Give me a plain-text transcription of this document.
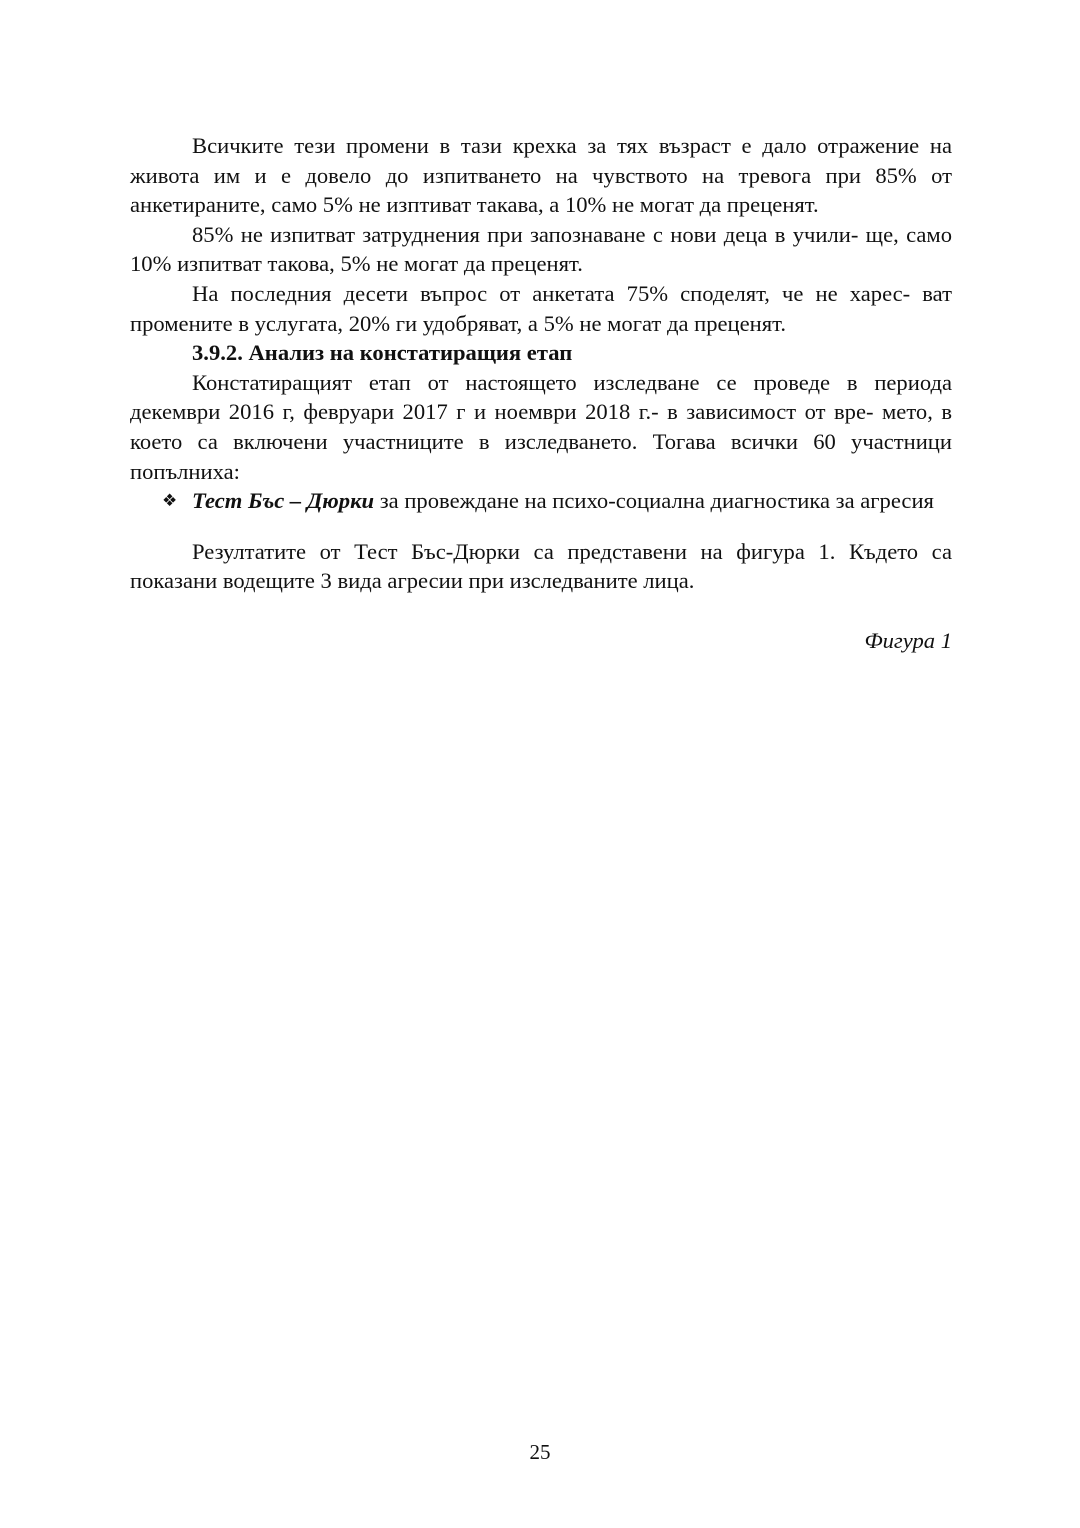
Всичките тези промени в тази крехка за тях възраст е дало отражение на живота им и е довело до изпитването на чувството на тревога при 85% от анкетираните, само 5% не изптиват такава, а 10% не могат да преценят.

85% не изпитват затруднения при запознаване с нови деца в учили- ще, само 10% изпитват такова, 5% не могат да преценят.

На последния десети въпрос от анкетата 75% споделят, че не харес- ват промените в услугата, 20% ги удобряват, а 5% не могат да преценят.

3.9.2. Анализ на констатиращия етап

Констатиращият етап от настоящето изследване се проведе в периода декември 2016 г, февруари 2017 г и ноември 2018 г.- в зависимост от вре- мето, в което са включени участниците в изследването. Тогава всички 60 участници попълниха:

❖ Тест Бъс – Дюрки за провеждане на психо-социална диагностика за агресия

Резултатите от Тест Бъс-Дюрки са представени на фигура 1. Където са показани водещите 3 вида агресии при изследваните лица.

Фигура 1

25
